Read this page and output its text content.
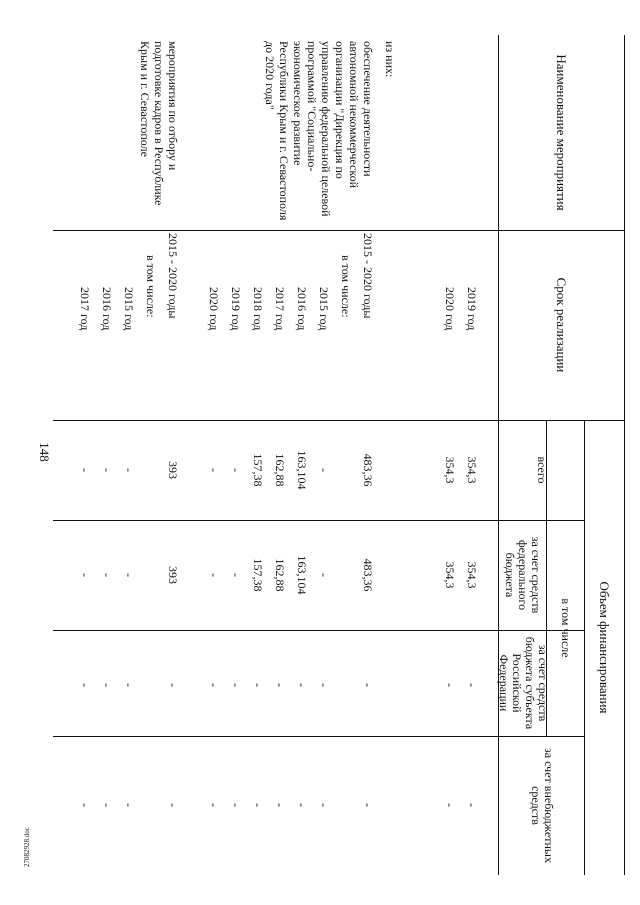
148
27082928.doc
Наименование мероприятия
Срок реализации
Объем финансирования
всего
в том числе
за счет средств федерального бюджета
за счет средств бюджета субъекта Российской Федерации
за счет внебюджетных средств
из них:
обеспечение деятельности автономной некоммерческой организации "Дирекция по управлению федеральной целевой программой "Социально-экономическое развитие Республики Крым и г. Севастополя до 2020 года"
мероприятия по отбору и подготовке кадров в Республике Крым и г. Севастополе
2019 год
354,3
354,3
-
-
2020 год
354,3
354,3
-
-
2015 - 2020 годы
483,36
483,36
-
-
в том числе:
2015 год
-
-
-
-
2016 год
163,104
163,104
-
-
2017 год
162,88
162,88
-
-
2018 год
157,38
157,38
-
-
2019 год
-
-
-
-
2020 год
-
-
-
-
2015 - 2020 годы
393
393
-
-
в том числе:
2015 год
-
-
-
-
2016 год
-
-
-
-
2017 год
-
-
-
-
